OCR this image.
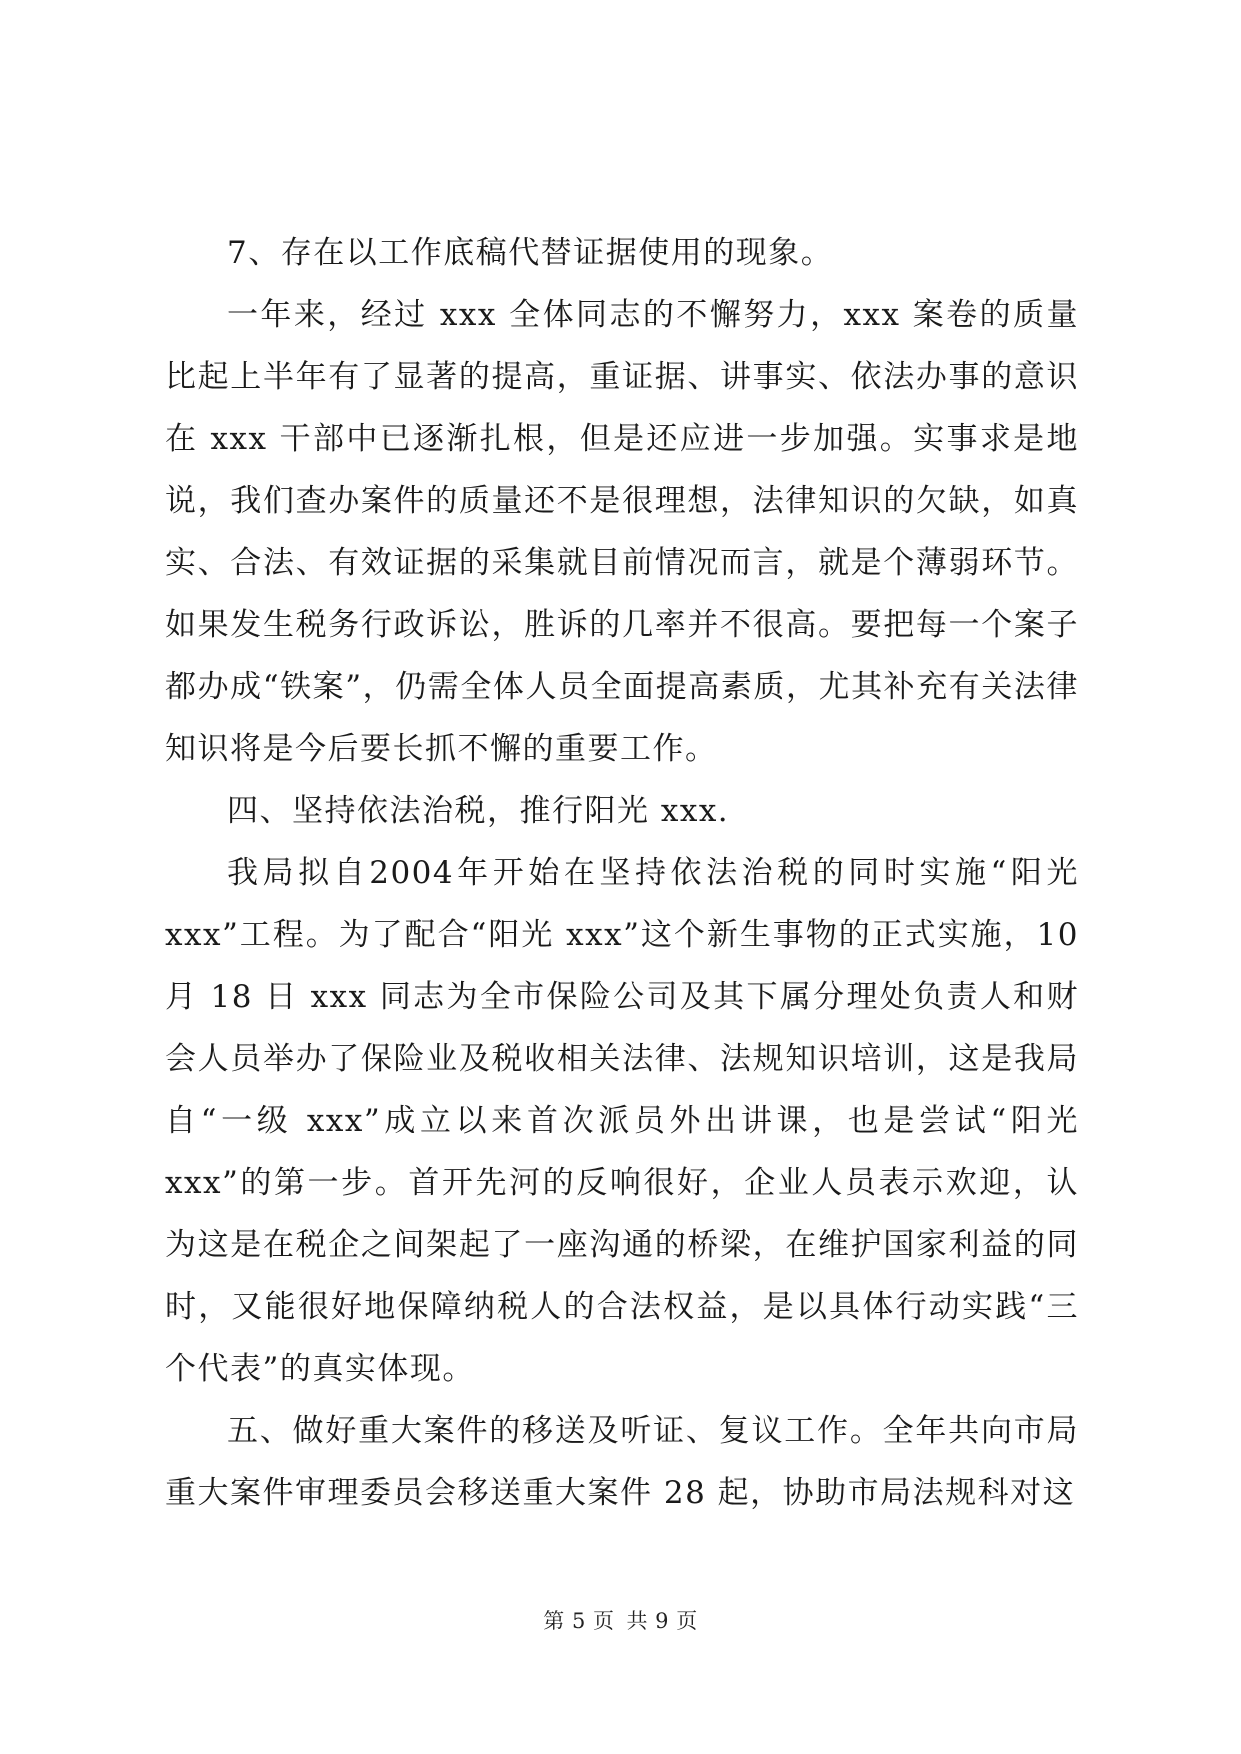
7、存在以工作底稿代替证据使用的现象。

一年来，经过 xxx 全体同志的不懈努力，xxx 案卷的质量比起上半年有了显著的提高，重证据、讲事实、依法办事的意识在 xxx 干部中已逐渐扎根，但是还应进一步加强。实事求是地说，我们查办案件的质量还不是很理想，法律知识的欠缺，如真实、合法、有效证据的采集就目前情况而言，就是个薄弱环节。如果发生税务行政诉讼，胜诉的几率并不很高。要把每一个案子都办成“铁案”，仍需全体人员全面提高素质，尤其补充有关法律知识将是今后要长抓不懈的重要工作。

四、坚持依法治税，推行阳光 xxx.

我局拟自2004年开始在坚持依法治税的同时实施“阳光 xxx”工程。为了配合“阳光 xxx”这个新生事物的正式实施，10 月 18 日 xxx 同志为全市保险公司及其下属分理处负责人和财会人员举办了保险业及税收相关法律、法规知识培训，这是我局自“一级 xxx”成立以来首次派员外出讲课，也是尝试“阳光 xxx”的第一步。首开先河的反响很好，企业人员表示欢迎，认为这是在税企之间架起了一座沟通的桥梁，在维护国家利益的同时，又能很好地保障纳税人的合法权益，是以具体行动实践“三个代表”的真实体现。

五、做好重大案件的移送及听证、复议工作。全年共向市局重大案件审理委员会移送重大案件 28 起，协助市局法规科对这

第 5 页 共 9 页
